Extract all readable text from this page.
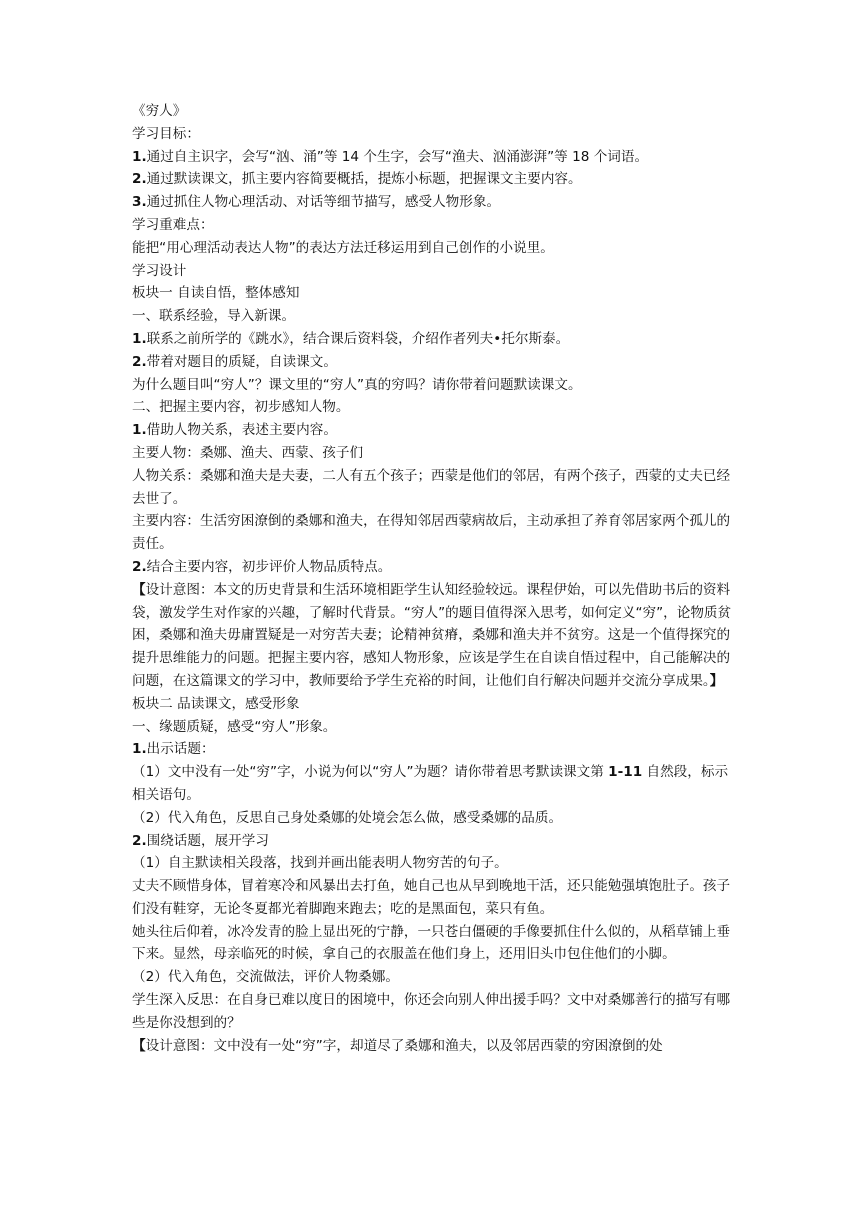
《穷人》

学习目标：

1.通过自主识字，会写“汹、涌”等 14 个生字，会写“渔夫、汹涌澎湃”等 18 个词语。

2.通过默读课文，抓主要内容简要概括，提炼小标题，把握课文主要内容。

3.通过抓住人物心理活动、对话等细节描写，感受人物形象。

学习重难点：

能把“用心理活动表达人物”的表达方法迁移运用到自己创作的小说里。

学习设计

板块一 自读自悟，整体感知

一、联系经验，导入新课。

1.联系之前所学的《跳水》，结合课后资料袋，介绍作者列夫•托尔斯泰。

2.带着对题目的质疑，自读课文。

为什么题目叫“穷人”？课文里的“穷人”真的穷吗？请你带着问题默读课文。

二、把握主要内容，初步感知人物。

1.借助人物关系，表述主要内容。

主要人物：桑娜、渔夫、西蒙、孩子们

人物关系：桑娜和渔夫是夫妻，二人有五个孩子；西蒙是他们的邻居，有两个孩子，西蒙的丈夫已经去世了。

主要内容：生活穷困潦倒的桑娜和渔夫，在得知邻居西蒙病故后，主动承担了养育邻居家两个孤儿的责任。

2.结合主要内容，初步评价人物品质特点。

【设计意图：本文的历史背景和生活环境相距学生认知经验较远。课程伊始，可以先借助书后的资料袋，激发学生对作家的兴趣，了解时代背景。“穷人”的题目值得深入思考，如何定义“穷”，论物质贫困，桑娜和渔夫毋庸置疑是一对穷苦夫妻；论精神贫瘠，桑娜和渔夫并不贫穷。这是一个值得探究的提升思维能力的问题。把握主要内容，感知人物形象，应该是学生在自读自悟过程中，自己能解决的问题，在这篇课文的学习中，教师要给予学生充裕的时间，让他们自行解决问题并交流分享成果。】

板块二 品读课文，感受形象

一、缘题质疑，感受“穷人”形象。

1.出示话题：

（1）文中没有一处“穷”字，小说为何以“穷人”为题？请你带着思考默读课文第 1-11 自然段，标示相关语句。

（2）代入角色，反思自己身处桑娜的处境会怎么做，感受桑娜的品质。

2.围绕话题，展开学习

（1）自主默读相关段落，找到并画出能表明人物穷苦的句子。

丈夫不顾惜身体，冒着寒冷和风暴出去打鱼，她自己也从早到晚地干活，还只能勉强填饱肚子。孩子们没有鞋穿，无论冬夏都光着脚跑来跑去；吃的是黑面包，菜只有鱼。

她头往后仰着，冰冷发青的脸上显出死的宁静，一只苍白僵硬的手像要抓住什么似的，从稻草铺上垂下来。显然，母亲临死的时候，拿自己的衣服盖在他们身上，还用旧头巾包住他们的小脚。

（2）代入角色，交流做法，评价人物桑娜。

学生深入反思：在自身已难以度日的困境中，你还会向别人伸出援手吗？文中对桑娜善行的描写有哪些是你没想到的？

【设计意图：文中没有一处“穷”字，却道尽了桑娜和渔夫，以及邻居西蒙的穷困潦倒的处
